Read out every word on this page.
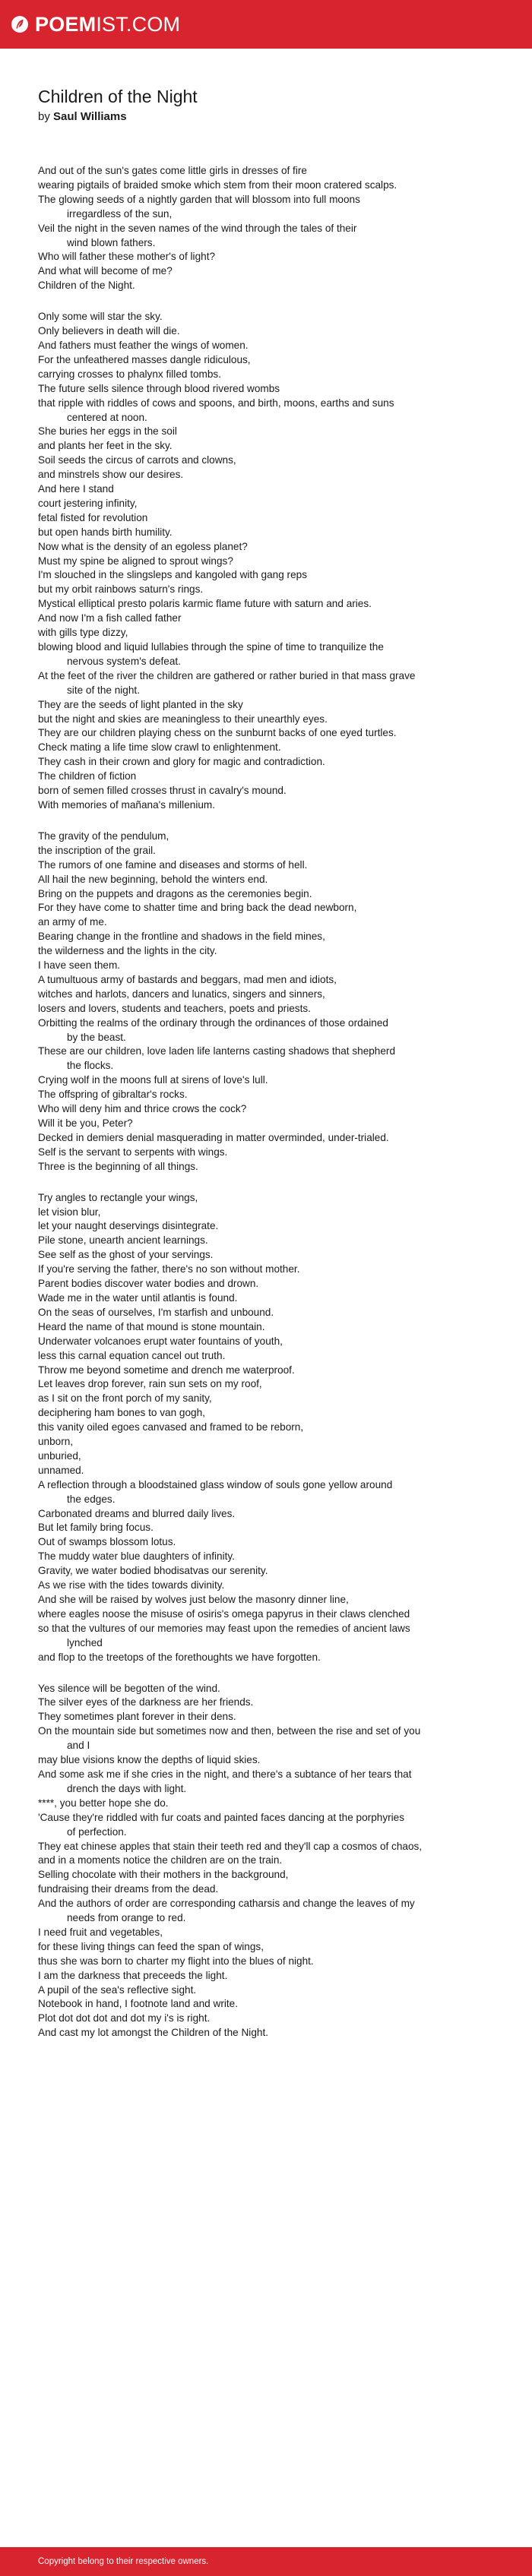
POEMIST.COM
Children of the Night
by Saul Williams
And out of the sun's gates come little girls in dresses of fire
wearing pigtails of braided smoke which stem from their moon cratered scalps.
The glowing seeds of a nightly garden that will blossom into full moons
irregardless of the sun,
Veil the night in the seven names of the wind through the tales of their
wind blown fathers.
Who will father these mother's of light?
And what will become of me?
Children of the Night.
Only some will star the sky.
Only believers in death will die.
And fathers must feather the wings of women.
For the unfeathered masses dangle ridiculous,
carrying crosses to phalynx filled tombs.
The future sells silence through blood rivered wombs
that ripple with riddles of cows and spoons, and birth, moons, earths and suns
centered at noon.
She buries her eggs in the soil
and plants her feet in the sky.
Soil seeds the circus of carrots and clowns,
and minstrels show our desires.
And here I stand
court jestering infinity,
fetal fisted for revolution
but open hands birth humility.
Now what is the density of an egoless planet?
Must my spine be aligned to sprout wings?
I'm slouched in the slingsleps and kangoled with gang reps
but my orbit rainbows saturn's rings.
Mystical elliptical presto polaris karmic flame future with saturn and aries.
And now I'm a fish called father
with gills type dizzy,
blowing blood and liquid lullabies through the spine of time to tranquilize the
nervous system's defeat.
At the feet of the river the children are gathered or rather buried in that mass grave
site of the night.
They are the seeds of light planted in the sky
but the night and skies are meaningless to their unearthly eyes.
They are our children playing chess on the sunburnt backs of one eyed turtles.
Check mating a life time slow crawl to enlightenment.
They cash in their crown and glory for magic and contradiction.
The children of fiction
born of semen filled crosses thrust in cavalry's mound.
With memories of mañana's millenium.
The gravity of the pendulum,
the inscription of the grail.
The rumors of one famine and diseases and storms of hell.
All hail the new beginning, behold the winters end.
Bring on the puppets and dragons as the ceremonies begin.
For they have come to shatter time and bring back the dead newborn,
an army of me.
Bearing change in the frontline and shadows in the field mines,
the wilderness and the lights in the city.
I have seen them.
A tumultuous army of bastards and beggars, mad men and idiots,
witches and harlots, dancers and lunatics, singers and sinners,
losers and lovers, students and teachers, poets and priests.
Orbitting the realms of the ordinary through the ordinances of those ordained
by the beast.
These are our children, love laden life lanterns casting shadows that shepherd
the flocks.
Crying wolf in the moons full at sirens of love's lull.
The offspring of gibraltar's rocks.
Who will deny him and thrice crows the cock?
Will it be you, Peter?
Decked in demiers denial masquerading in matter overminded, under-trialed.
Self is the servant to serpents with wings.
Three is the beginning of all things.
Try angles to rectangle your wings,
let vision blur,
let your naught deservings disintegrate.
Pile stone, unearth ancient learnings.
See self as the ghost of your servings.
If you're serving the father, there's no son without mother.
Parent bodies discover water bodies and drown.
Wade me in the water until atlantis is found.
On the seas of ourselves, I'm starfish and unbound.
Heard the name of that mound is stone mountain.
Underwater volcanoes erupt water fountains of youth,
less this carnal equation cancel out truth.
Throw me beyond sometime and drench me waterproof.
Let leaves drop forever, rain sun sets on my roof,
as I sit on the front porch of my sanity,
deciphering ham bones to van gogh,
this vanity oiled egoes canvased and framed to be reborn,
unborn,
unburied,
unnamed.
A reflection through a bloodstained glass window of souls gone yellow around
the edges.
Carbonated dreams and blurred daily lives.
But let family bring focus.
Out of swamps blossom lotus.
The muddy water blue daughters of infinity.
Gravity, we water bodied bhodisatvas our serenity.
As we rise with the tides towards divinity.
And she will be raised by wolves just below the masonry dinner line,
where eagles noose the misuse of osiris's omega papyrus in their claws clenched
so that the vultures of our memories may feast upon the remedies of ancient laws
lynched
and flop to the treetops of the forethoughts we have forgotten.
Yes silence will be begotten of the wind.
The silver eyes of the darkness are her friends.
They sometimes plant forever in their dens.
On the mountain side but sometimes now and then, between the rise and set of you
and I
may blue visions know the depths of liquid skies.
And some ask me if she cries in the night, and there's a subtance of her tears that
drench the days with light.
****, you better hope she do.
'Cause they're riddled with fur coats and painted faces dancing at the porphyries
of perfection.
They eat chinese apples that stain their teeth red and they'll cap a cosmos of chaos,
and in a moments notice the children are on the train.
Selling chocolate with their mothers in the background,
fundraising their dreams from the dead.
And the authors of order are corresponding catharsis and change the leaves of my
needs from orange to red.
I need fruit and vegetables,
for these living things can feed the span of wings,
thus she was born to charter my flight into the blues of night.
I am the darkness that preceeds the light.
A pupil of the sea's reflective sight.
Notebook in hand, I footnote land and write.
Plot dot dot dot and dot my i's is right.
And cast my lot amongst the Children of the Night.
Copyright belong to their respective owners.
